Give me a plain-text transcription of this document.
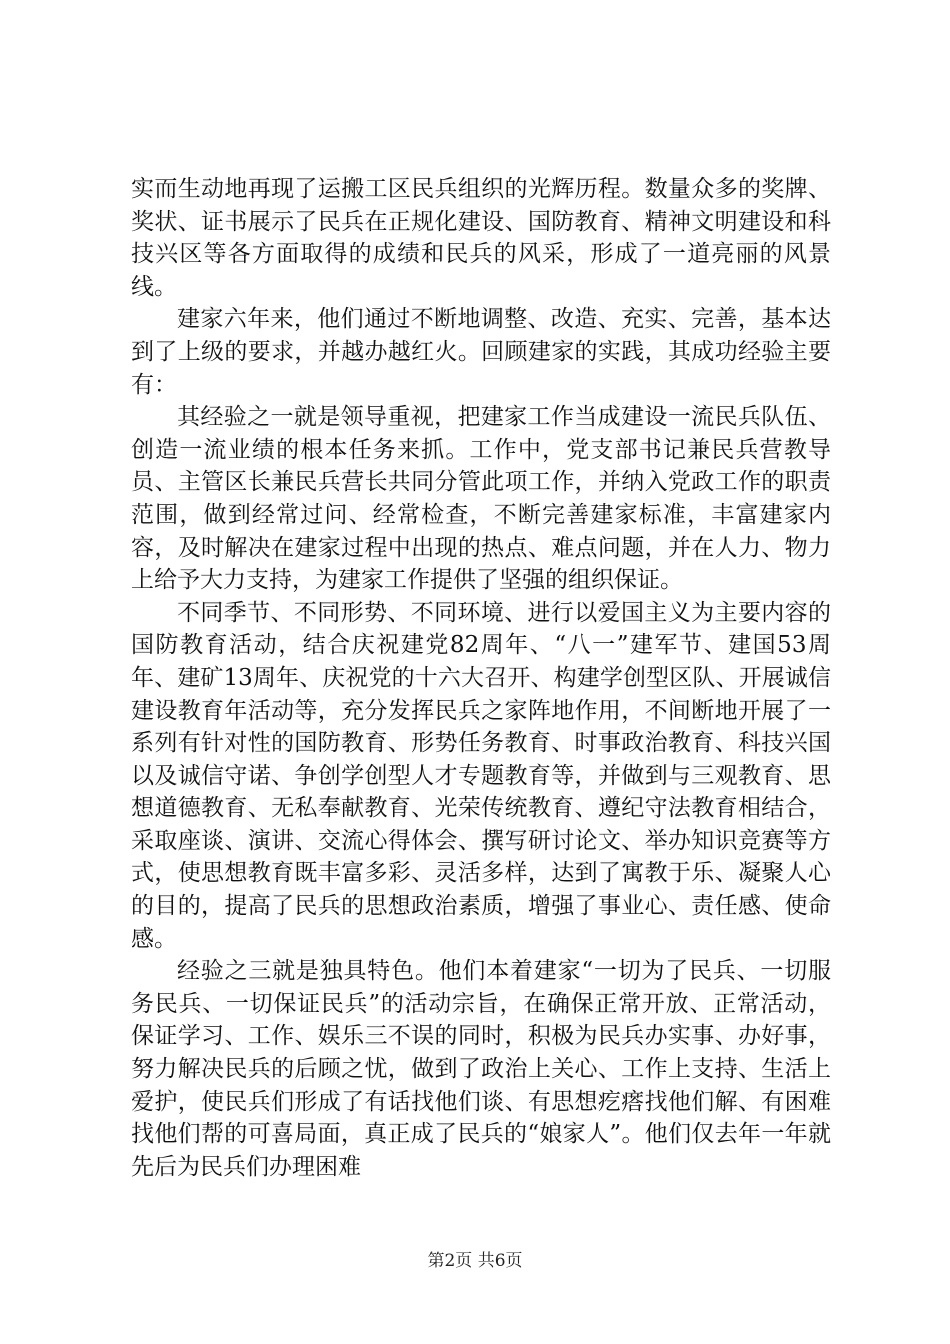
实而生动地再现了运搬工区民兵组织的光辉历程。数量众多的奖牌、奖状、证书展示了民兵在正规化建设、国防教育、精神文明建设和科技兴区等各方面取得的成绩和民兵的风采，形成了一道亮丽的风景线。

建家六年来，他们通过不断地调整、改造、充实、完善，基本达到了上级的要求，并越办越红火。回顾建家的实践，其成功经验主要有：

其经验之一就是领导重视，把建家工作当成建设一流民兵队伍、创造一流业绩的根本任务来抓。工作中，党支部书记兼民兵营教导员、主管区长兼民兵营长共同分管此项工作，并纳入党政工作的职责范围，做到经常过问、经常检查，不断完善建家标准，丰富建家内容，及时解决在建家过程中出现的热点、难点问题，并在人力、物力上给予大力支持，为建家工作提供了坚强的组织保证。

不同季节、不同形势、不同环境、进行以爱国主义为主要内容的国防教育活动，结合庆祝建党82周年、“八一”建军节、建国53周年、建矿13周年、庆祝党的十六大召开、构建学创型区队、开展诚信建设教育年活动等，充分发挥民兵之家阵地作用，不间断地开展了一系列有针对性的国防教育、形势任务教育、时事政治教育、科技兴国以及诚信守诺、争创学创型人才专题教育等，并做到与三观教育、思想道德教育、无私奉献教育、光荣传统教育、遵纪守法教育相结合，采取座谈、演讲、交流心得体会、撰写研讨论文、举办知识竞赛等方式，使思想教育既丰富多彩、灵活多样，达到了寓教于乐、凝聚人心的目的，提高了民兵的思想政治素质，增强了事业心、责任感、使命感。

经验之三就是独具特色。他们本着建家“一切为了民兵、一切服务民兵、一切保证民兵”的活动宗旨，在确保正常开放、正常活动，保证学习、工作、娱乐三不误的同时，积极为民兵办实事、办好事，努力解决民兵的后顾之忧，做到了政治上关心、工作上支持、生活上爱护，使民兵们形成了有话找他们谈、有思想疙瘩找他们解、有困难找他们帮的可喜局面，真正成了民兵的“娘家人”。他们仅去年一年就先后为民兵们办理困难

第2页 共6页
